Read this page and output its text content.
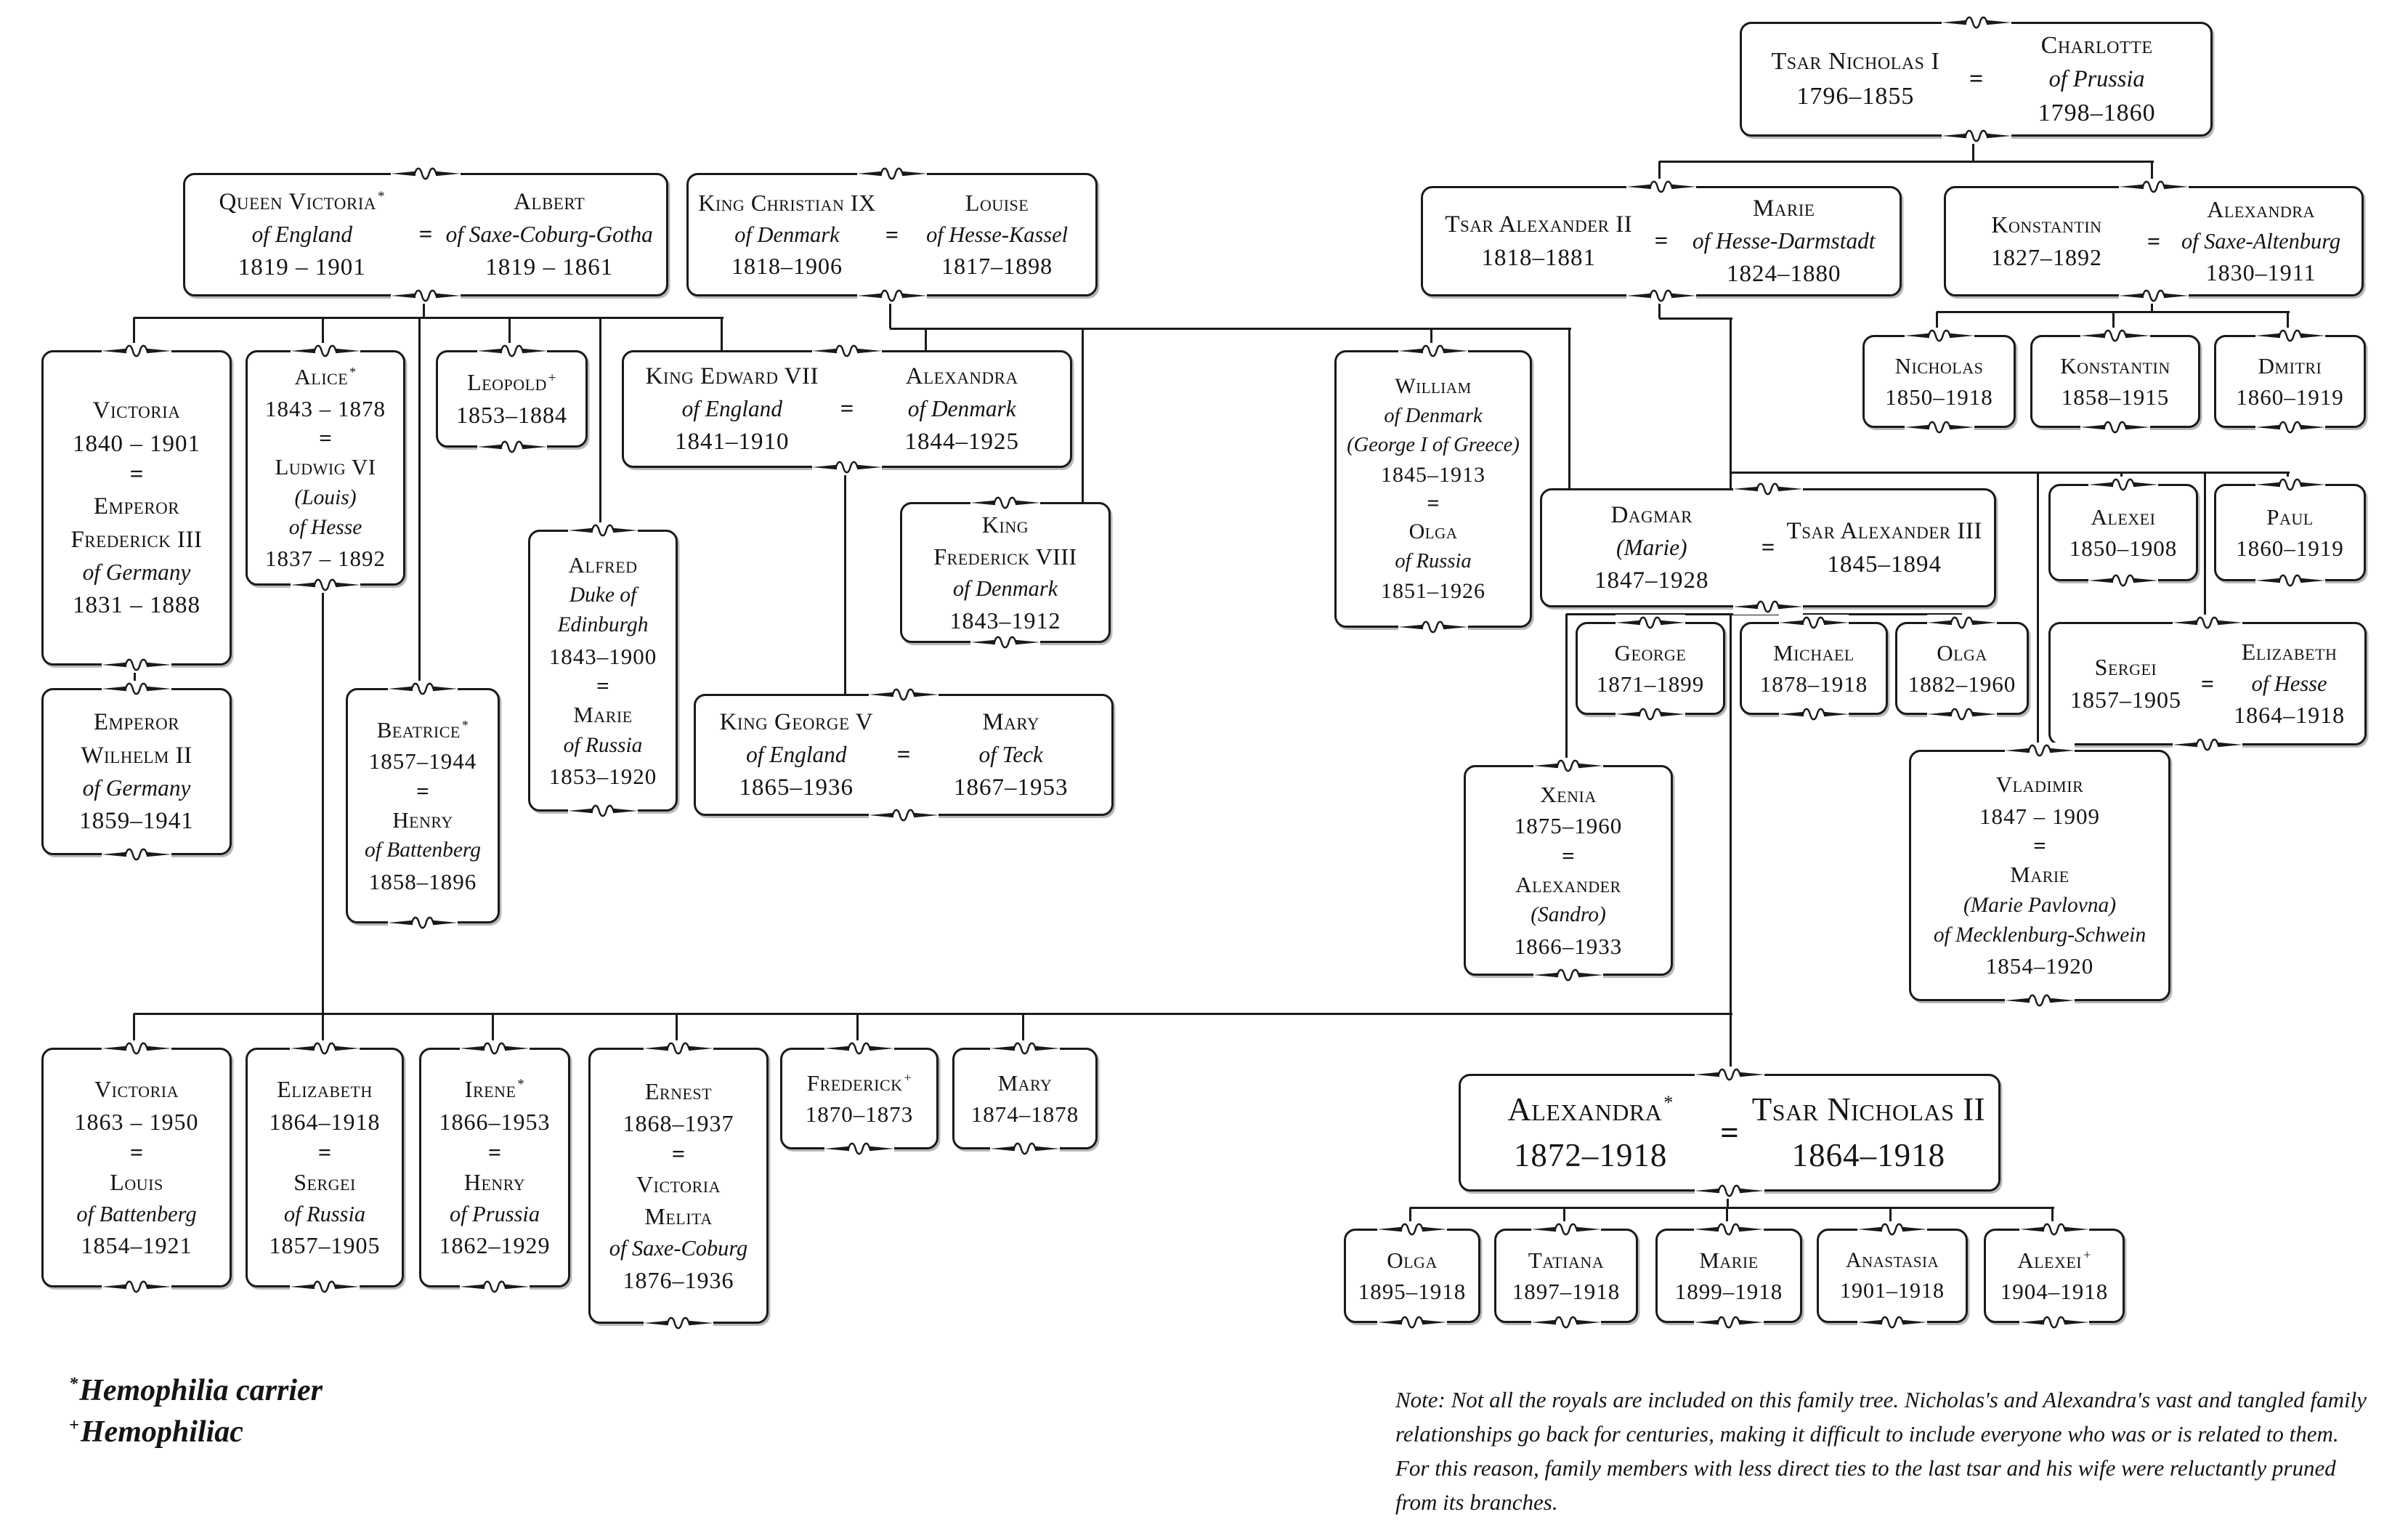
Tsar Nicholas I
1796–1855
=
Charlotte
of Prussia
1798–1860
Queen Victoria *
of England
1819 – 1901
=
Albert
of Saxe-Coburg-Gotha
1819 – 1861
King Christian IX
of Denmark
1818–1906
=
Louise
of Hesse-Kassel
1817–1898
Tsar Alexander II
1818–1881
=
Marie
of Hesse-Darmstadt
1824–1880
Konstantin
1827–1892
=
Alexandra
of Saxe-Altenburg
1830–1911
Victoria
1840 – 1901
=
Emperor
Frederick III
of Germany
1831 – 1888
Alice *
1843 – 1878
=
Ludwig VI
(Louis)
of Hesse
1837 – 1892
Leopold +
1853–1884
King Edward VII
of England
1841–1910
=
Alexandra
of Denmark
1844–1925
William
of Denmark
(George I of Greece)
1845–1913
=
Olga
of Russia
1851–1926
Nicholas
1850–1918
Konstantin
1858–1915
Dmitri
1860–1919
Alfred
Duke of
Edinburgh
1843–1900
=
Marie
of Russia
1853–1920
King
Frederick VIII
of Denmark
1843–1912
Dagmar
(Marie)
1847–1928
=
Tsar Alexander III
1845–1894
Alexei
1850–1908
Paul
1860–1919
King George V
of England
1865–1936
=
Mary
of Teck
1867–1953
Emperor
Wilhelm II
of Germany
1859–1941
Beatrice *
1857–1944
=
Henry
of Battenberg
1858–1896
George
1871–1899
Michael
1878–1918
Olga
1882–1960
Sergei
1857–1905
=
Elizabeth
of Hesse
1864–1918
Xenia
1875–1960
=
Alexander
(Sandro)
1866–1933
Vladimir
1847 – 1909
=
Marie
(Marie Pavlovna)
of Mecklenburg-Schwein
1854–1920
Victoria
1863 – 1950
=
Louis
of Battenberg
1854–1921
Elizabeth
1864–1918
=
Sergei
of Russia
1857–1905
Irene *
1866–1953
=
Henry
of Prussia
1862–1929
Ernest
1868–1937
=
Victoria
Melita
of Saxe-Coburg
1876–1936
Frederick +
1870–1873
Mary
1874–1878	Alexandra*
1872–1918
=
Tsar Nicholas II
1864–1918
Olga
1895–1918
Tatiana
1897–1918
Marie
1899–1918
Anastasia
1901–1918
Alexei +
1904–1918
*Hemophilia carrier
+Hemophiliac
Note: Not all the royals are included on this family tree. Nicholas's and Alexandra's vast and tangled family relationships go back for centuries, making it difficult to include everyone who was or is related to them. For this reason, family members with less direct ties to the last tsar and his wife were reluctantly pruned from its branches.
